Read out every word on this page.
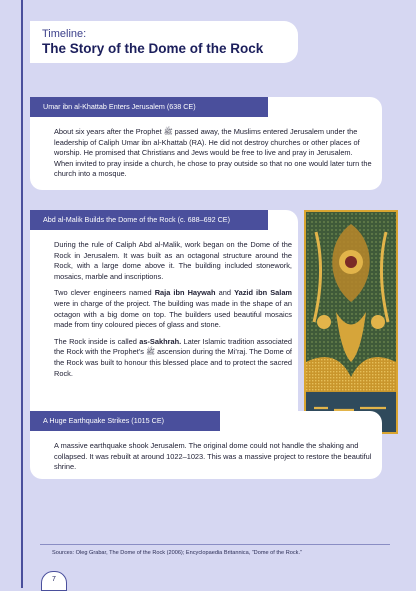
Timeline:
The Story of the Dome of the Rock

About six years after the Prophet ﷺ passed away, the Muslims entered Jerusalem under the leadership of Caliph Umar ibn al-Khattab (RA). He did not destroy churches or other places of worship. He promised that Christians and Jews would be free to live and pray in Jerusalem. When invited to pray inside a church, he chose to pray outside so that no one would later turn the church into a mosque.

Umar ibn al-Khattab Enters Jerusalem (638 CE)

During the rule of Caliph Abd al-Malik, work began on the Dome of the Rock in Jerusalem. It was built as an octagonal structure around the Rock, with a large dome above it. The building included stonework, mosaics, marble and inscriptions.

Two clever engineers named Raja ibn Haywah and Yazid ibn Salam were in charge of the project. The building was made in the shape of an octagon with a big dome on top. The builders used beautiful mosaics made from tiny coloured pieces of glass and stone.

The Rock inside is called as-Sakhrah. Later Islamic tradition associated the Rock with the Prophet’s ﷺ ascension during the Mi’raj. The Dome of the Rock was built to honour this blessed place and to protect the sacred Rock.

Abd al-Malik Builds the Dome of the Rock (c. 688–692 CE)

A massive earthquake shook Jerusalem. The original dome could not handle the shaking and collapsed. It was rebuilt at around 1022–1023. This was a massive project to restore the beautiful shrine.

A Huge Earthquake Strikes (1015 CE)
Sources: Oleg Grabar, The Dome of the Rock (2006); Encyclopaedia Britannica, “Dome of the Rock.”
7
